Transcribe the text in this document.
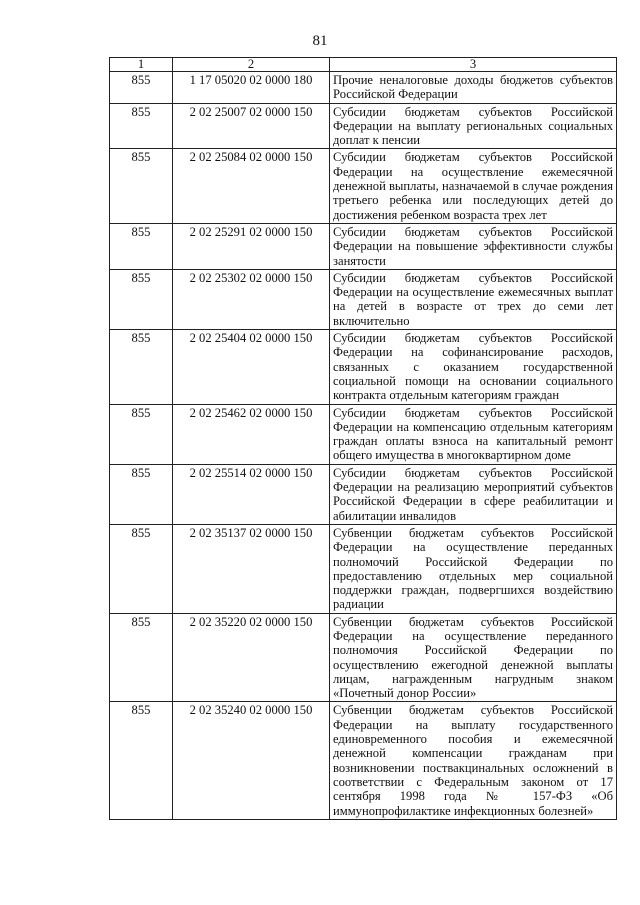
81
1	2	3
855	1 17 05020 02 0000 180	Прочие неналоговые доходы бюджетов субъектов Российской Федерации
855	2 02 25007 02 0000 150	Субсидии бюджетам субъектов Российской Федерации на выплату региональных социальных доплат к пенсии
855	2 02 25084 02 0000 150	Субсидии бюджетам субъектов Российской Федерации на осуществление ежемесячной денежной выплаты, назначаемой в случае рождения третьего ребенка или последующих детей до достижения ребенком возраста трех лет
855	2 02 25291 02 0000 150	Субсидии бюджетам субъектов Российской Федерации на повышение эффективности службы занятости
855	2 02 25302 02 0000 150	Субсидии бюджетам субъектов Российской Федерации на осуществление ежемесячных выплат на детей в возрасте от трех до семи лет включительно
855	2 02 25404 02 0000 150	Субсидии бюджетам субъектов Российской Федерации на софинансирование расходов, связанных с оказанием государственной социальной помощи на основании социального контракта отдельным категориям граждан
855	2 02 25462 02 0000 150	Субсидии бюджетам субъектов Российской Федерации на компенсацию отдельным категориям граждан оплаты взноса на капитальный ремонт общего имущества в многоквартирном доме
855	2 02 25514 02 0000 150	Субсидии бюджетам субъектов Российской Федерации на реализацию мероприятий субъектов Российской Федерации в сфере реабилитации и абилитации инвалидов
855	2 02 35137 02 0000 150	Субвенции бюджетам субъектов Российской Федерации на осуществление переданных полномочий Российской Федерации по предоставлению отдельных мер социальной поддержки граждан, подвергшихся воздействию радиации
855	2 02 35220 02 0000 150	Субвенции бюджетам субъектов Российской Федерации на осуществление переданного полномочия Российской Федерации по осуществлению ежегодной денежной выплаты лицам, награжденным нагрудным знаком «Почетный донор России»
855	2 02 35240 02 0000 150	Субвенции бюджетам субъектов Российской Федерации на выплату государственного единовременного пособия и ежемесячной денежной компенсации гражданам при возникновении поствакцинальных осложнений в соответствии с Федеральным законом от 17 сентября 1998 года № 157-ФЗ «Об иммунопрофилактике инфекционных болезней»
